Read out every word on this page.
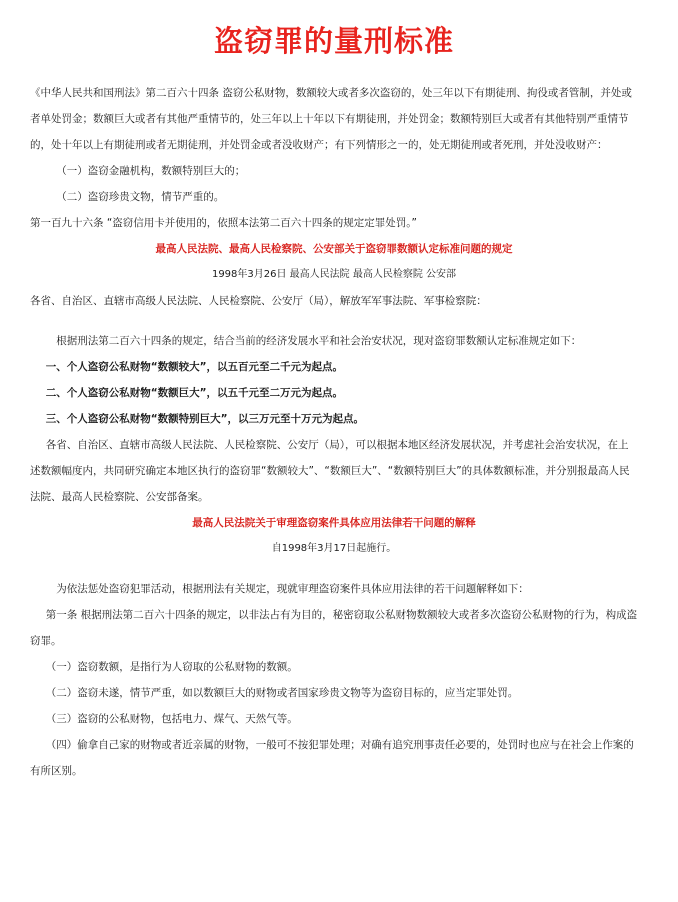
盗窃罪的量刑标准

《中华人民共和国刑法》第二百六十四条 盗窃公私财物，数额较大或者多次盗窃的，处三年以下有期徒刑、拘役或者管制，并处或者单处罚金；数额巨大或者有其他严重情节的，处三年以上十年以下有期徒刑，并处罚金；数额特别巨大或者有其他特别严重情节的，处十年以上有期徒刑或者无期徒刑，并处罚金或者没收财产；有下列情形之一的，处无期徒刑或者死刑，并处没收财产：

（一）盗窃金融机构，数额特别巨大的；

（二）盗窃珍贵文物，情节严重的。

第一百九十六条 “盗窃信用卡并使用的，依照本法第二百六十四条的规定定罪处罚。”

最高人民法院、最高人民检察院、公安部关于盗窃罪数额认定标准问题的规定

1998年3月26日 最高人民法院 最高人民检察院 公安部

各省、自治区、直辖市高级人民法院、人民检察院、公安厅（局），解放军军事法院、军事检察院：

根据刑法第二百六十四条的规定，结合当前的经济发展水平和社会治安状况，现对盗窃罪数额认定标准规定如下：

一、个人盗窃公私财物“数额较大”，以五百元至二千元为起点。

二、个人盗窃公私财物“数额巨大”，以五千元至二万元为起点。

三、个人盗窃公私财物“数额特别巨大”，以三万元至十万元为起点。

各省、自治区、直辖市高级人民法院、人民检察院、公安厅（局），可以根据本地区经济发展状况，并考虑社会治安状况，在上述数额幅度内，共同研究确定本地区执行的盗窃罪“数额较大”、“数额巨大”、“数额特别巨大”的具体数额标准，并分别报最高人民法院、最高人民检察院、公安部备案。

最高人民法院关于审理盗窃案件具体应用法律若干问题的解释

自1998年3月17日起施行。

为依法惩处盗窃犯罪活动，根据刑法有关规定，现就审理盗窃案件具体应用法律的若干问题解释如下：

第一条 根据刑法第二百六十四条的规定，以非法占有为目的，秘密窃取公私财物数额较大或者多次盗窃公私财物的行为，构成盗窃罪。

（一）盗窃数额，是指行为人窃取的公私财物的数额。

（二）盗窃未遂，情节严重，如以数额巨大的财物或者国家珍贵文物等为盗窃目标的，应当定罪处罚。

（三）盗窃的公私财物，包括电力、煤气、天然气等。

（四）偷拿自己家的财物或者近亲属的财物，一般可不按犯罪处理；对确有追究刑事责任必要的，处罚时也应与在社会上作案的有所区别。
